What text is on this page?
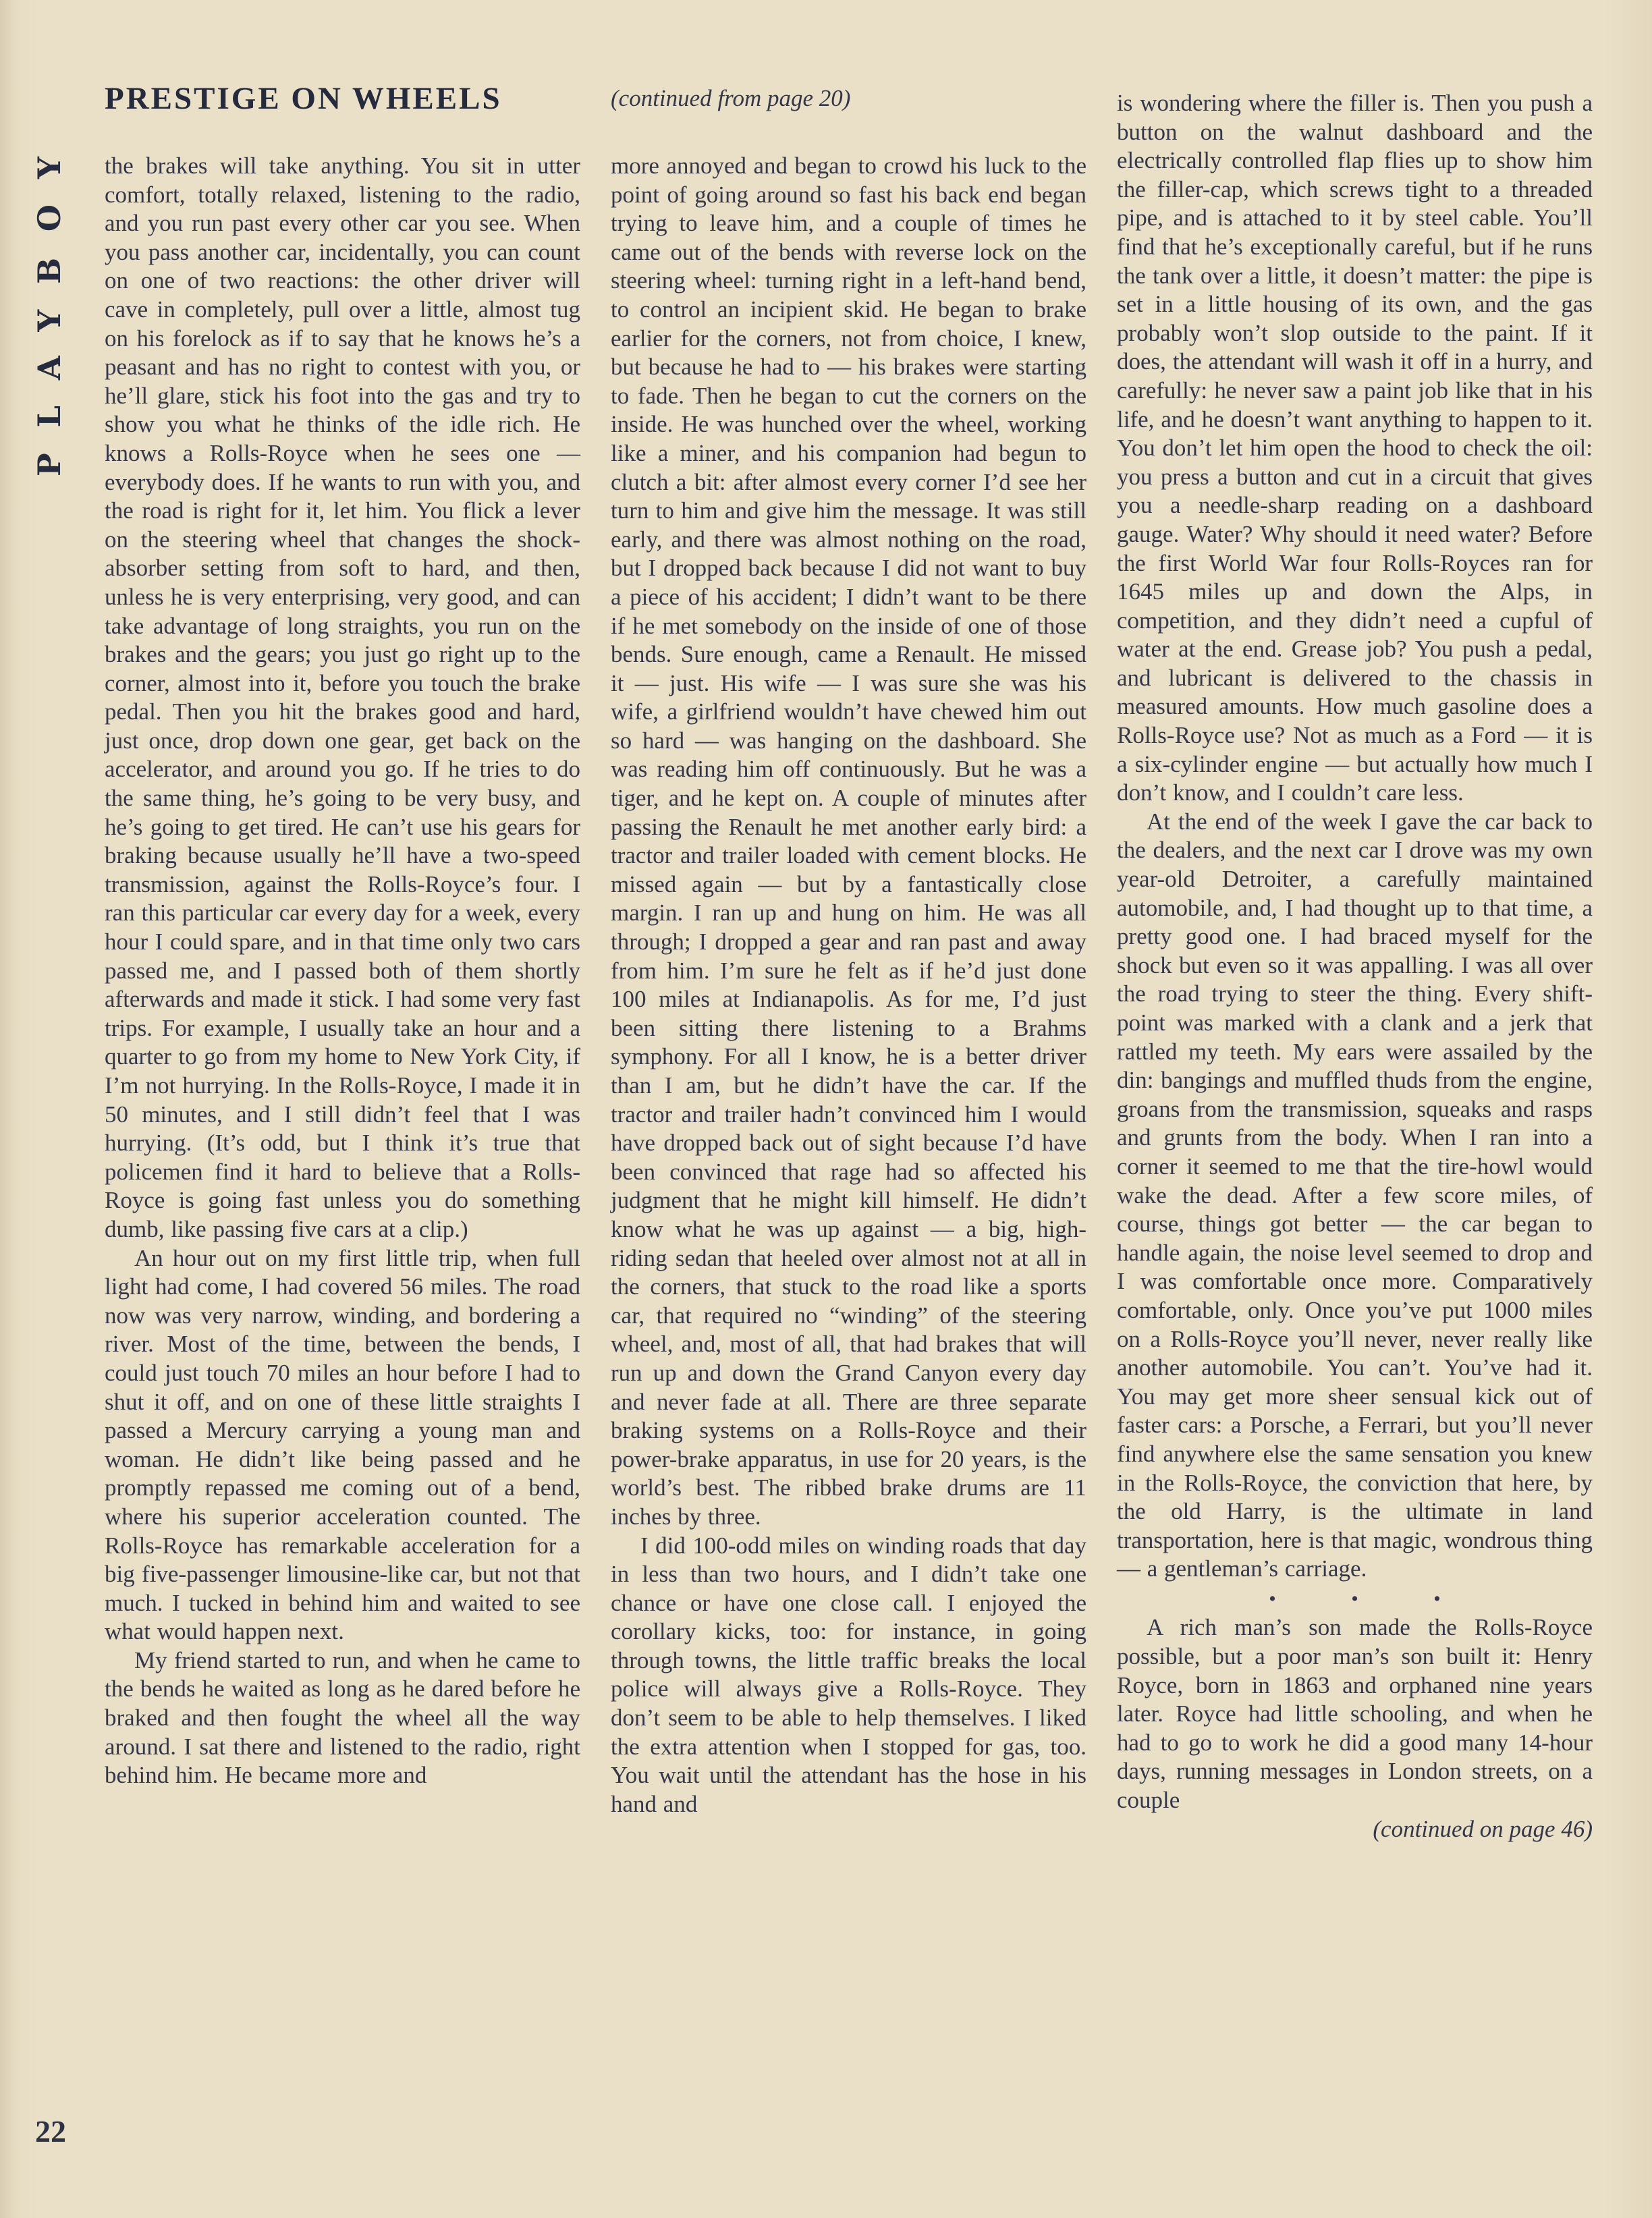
PLAYBOY
22
PRESTIGE ON WHEELS

the brakes will take anything. You sit in utter comfort, totally relaxed, listening to the radio, and you run past every other car you see. When you pass another car, incidentally, you can count on one of two reactions: the other driver will cave in completely, pull over a little, almost tug on his forelock as if to say that he knows he’s a peasant and has no right to contest with you, or he’ll glare, stick his foot into the gas and try to show you what he thinks of the idle rich. He knows a Rolls-Royce when he sees one — everybody does. If he wants to run with you, and the road is right for it, let him. You flick a lever on the steering wheel that changes the shock-absorber setting from soft to hard, and then, unless he is very enterprising, very good, and can take advantage of long straights, you run on the brakes and the gears; you just go right up to the corner, almost into it, before you touch the brake pedal. Then you hit the brakes good and hard, just once, drop down one gear, get back on the accelerator, and around you go. If he tries to do the same thing, he’s going to be very busy, and he’s going to get tired. He can’t use his gears for braking because usually he’ll have a two-speed transmission, against the Rolls-Royce’s four. I ran this particular car every day for a week, every hour I could spare, and in that time only two cars passed me, and I passed both of them shortly afterwards and made it stick. I had some very fast trips. For example, I usually take an hour and a quarter to go from my home to New York City, if I’m not hurrying. In the Rolls-Royce, I made it in 50 minutes, and I still didn’t feel that I was hurrying. (It’s odd, but I think it’s true that policemen find it hard to believe that a Rolls-Royce is going fast unless you do something dumb, like passing five cars at a clip.)

An hour out on my first little trip, when full light had come, I had covered 56 miles. The road now was very narrow, winding, and bordering a river. Most of the time, between the bends, I could just touch 70 miles an hour before I had to shut it off, and on one of these little straights I passed a Mercury carrying a young man and woman. He didn’t like being passed and he promptly repassed me coming out of a bend, where his superior acceleration counted. The Rolls-Royce has remarkable acceleration for a big five-passenger limousine-like car, but not that much. I tucked in behind him and waited to see what would happen next.

My friend started to run, and when he came to the bends he waited as long as he dared before he braked and then fought the wheel all the way around. I sat there and listened to the radio, right behind him. He became more and

(continued from page 20)

more annoyed and began to crowd his luck to the point of going around so fast his back end began trying to leave him, and a couple of times he came out of the bends with reverse lock on the steering wheel: turning right in a left-hand bend, to control an incipient skid. He began to brake earlier for the corners, not from choice, I knew, but because he had to — his brakes were starting to fade. Then he began to cut the corners on the inside. He was hunched over the wheel, working like a miner, and his companion had begun to clutch a bit: after almost every corner I’d see her turn to him and give him the message. It was still early, and there was almost nothing on the road, but I dropped back because I did not want to buy a piece of his accident; I didn’t want to be there if he met somebody on the inside of one of those bends. Sure enough, came a Renault. He missed it — just. His wife — I was sure she was his wife, a girlfriend wouldn’t have chewed him out so hard — was hanging on the dashboard. She was reading him off continuously. But he was a tiger, and he kept on. A couple of minutes after passing the Renault he met another early bird: a tractor and trailer loaded with cement blocks. He missed again — but by a fantastically close margin. I ran up and hung on him. He was all through; I dropped a gear and ran past and away from him. I’m sure he felt as if he’d just done 100 miles at Indianapolis. As for me, I’d just been sitting there listening to a Brahms symphony. For all I know, he is a better driver than I am, but he didn’t have the car. If the tractor and trailer hadn’t convinced him I would have dropped back out of sight because I’d have been convinced that rage had so affected his judgment that he might kill himself. He didn’t know what he was up against — a big, high-riding sedan that heeled over almost not at all in the corners, that stuck to the road like a sports car, that required no “winding” of the steering wheel, and, most of all, that had brakes that will run up and down the Grand Canyon every day and never fade at all. There are three separate braking systems on a Rolls-Royce and their power-brake apparatus, in use for 20 years, is the world’s best. The ribbed brake drums are 11 inches by three.

I did 100-odd miles on winding roads that day in less than two hours, and I didn’t take one chance or have one close call. I enjoyed the corollary kicks, too: for instance, in going through towns, the little traffic breaks the local police will always give a Rolls-Royce. They don’t seem to be able to help themselves. I liked the extra attention when I stopped for gas, too. You wait until the attendant has the hose in his hand and

is wondering where the filler is. Then you push a button on the walnut dashboard and the electrically controlled flap flies up to show him the filler-cap, which screws tight to a threaded pipe, and is attached to it by steel cable. You’ll find that he’s exceptionally careful, but if he runs the tank over a little, it doesn’t matter: the pipe is set in a little housing of its own, and the gas probably won’t slop outside to the paint. If it does, the attendant will wash it off in a hurry, and carefully: he never saw a paint job like that in his life, and he doesn’t want anything to happen to it. You don’t let him open the hood to check the oil: you press a button and cut in a circuit that gives you a needle-sharp reading on a dashboard gauge. Water? Why should it need water? Before the first World War four Rolls-Royces ran for 1645 miles up and down the Alps, in competition, and they didn’t need a cupful of water at the end. Grease job? You push a pedal, and lubricant is delivered to the chassis in measured amounts. How much gasoline does a Rolls-Royce use? Not as much as a Ford — it is a six-cylinder engine — but actually how much I don’t know, and I couldn’t care less.

At the end of the week I gave the car back to the dealers, and the next car I drove was my own year-old Detroiter, a carefully maintained automobile, and, I had thought up to that time, a pretty good one. I had braced myself for the shock but even so it was appalling. I was all over the road trying to steer the thing. Every shift-point was marked with a clank and a jerk that rattled my teeth. My ears were assailed by the din: bangings and muffled thuds from the engine, groans from the transmission, squeaks and rasps and grunts from the body. When I ran into a corner it seemed to me that the tire-howl would wake the dead. After a few score miles, of course, things got better — the car began to handle again, the noise level seemed to drop and I was comfortable once more. Comparatively comfortable, only. Once you’ve put 1000 miles on a Rolls-Royce you’ll never, never really like another automobile. You can’t. You’ve had it. You may get more sheer sensual kick out of faster cars: a Porsche, a Ferrari, but you’ll never find anywhere else the same sensation you knew in the Rolls-Royce, the conviction that here, by the old Harry, is the ultimate in land transportation, here is that magic, wondrous thing — a gentleman’s carriage.

• • •

A rich man’s son made the Rolls-Royce possible, but a poor man’s son built it: Henry Royce, born in 1863 and orphaned nine years later. Royce had little schooling, and when he had to go to work he did a good many 14-hour days, running messages in London streets, on a couple

(continued on page 46)
